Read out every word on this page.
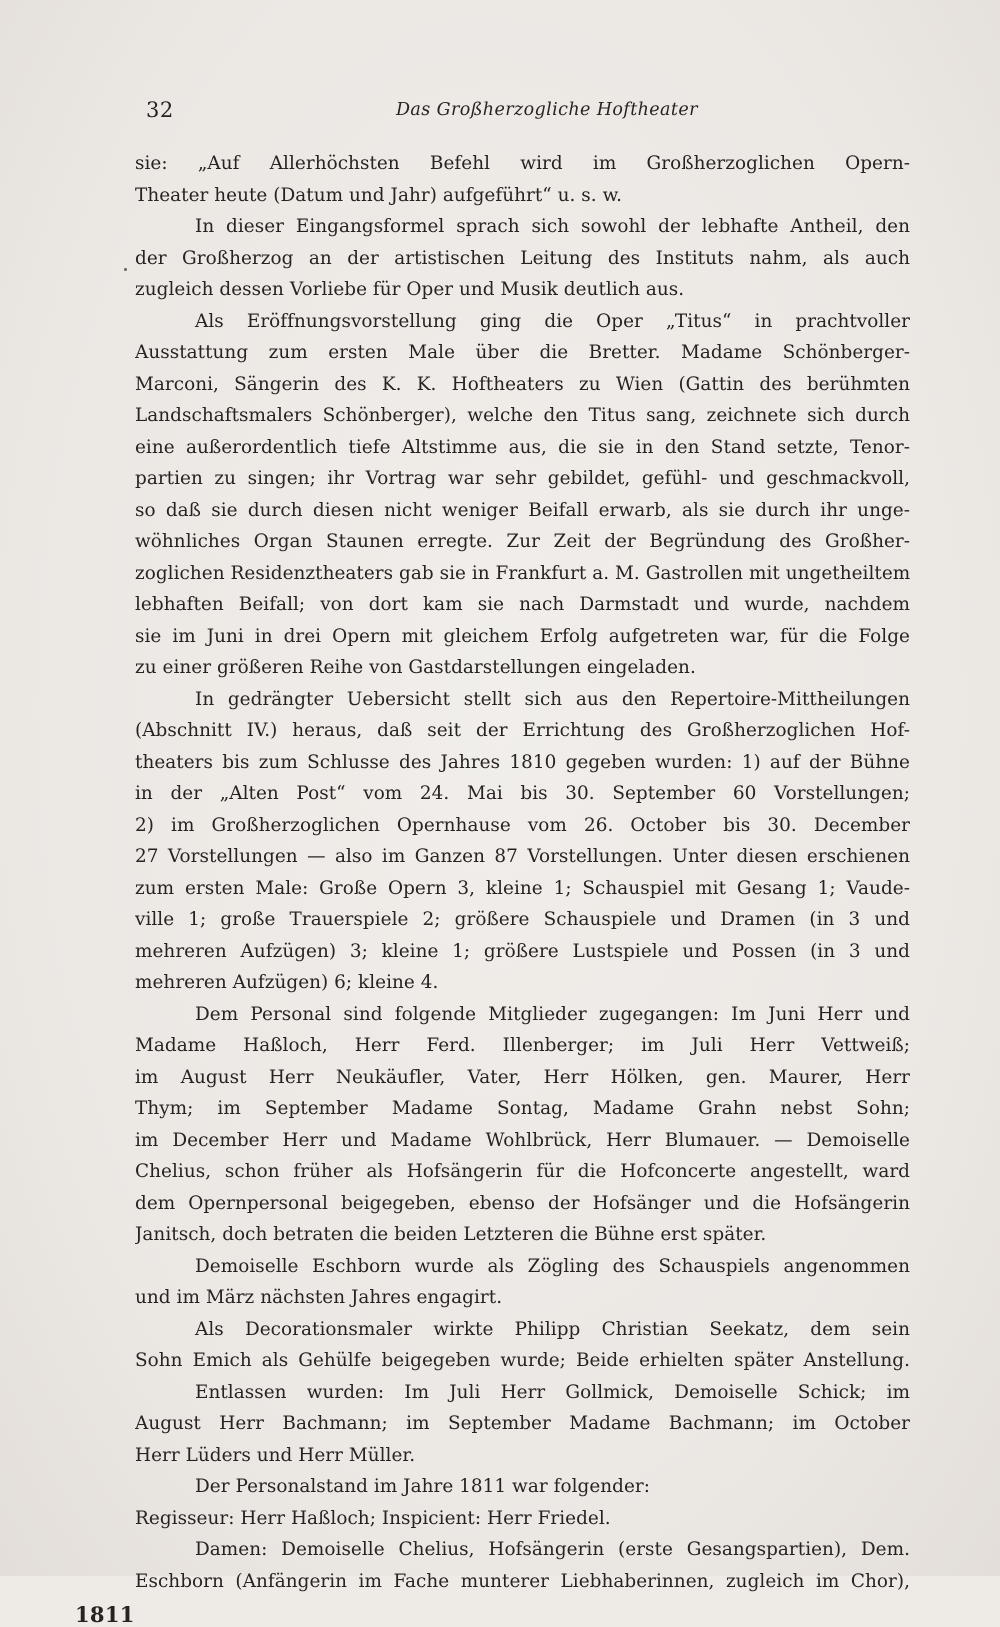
32	Das Großherzogliche Hoftheater
sie: „Auf Allerhöchsten Befehl wird im Großherzoglichen Opern-
Theater heute (Datum und Jahr) aufgeführt“ u. s. w.
In dieser Eingangsformel sprach sich sowohl der lebhafte Antheil, den
der Großherzog an der artistischen Leitung des Instituts nahm, als auch
zugleich dessen Vorliebe für Oper und Musik deutlich aus.
Als Eröffnungsvorstellung ging die Oper „Titus“ in prachtvoller
Ausstattung zum ersten Male über die Bretter. Madame Schönberger-
Marconi, Sängerin des K. K. Hoftheaters zu Wien (Gattin des berühmten
Landschaftsmalers Schönberger), welche den Titus sang, zeichnete sich durch
eine außerordentlich tiefe Altstimme aus, die sie in den Stand setzte, Tenor-
partien zu singen; ihr Vortrag war sehr gebildet, gefühl- und geschmackvoll,
so daß sie durch diesen nicht weniger Beifall erwarb, als sie durch ihr unge-
wöhnliches Organ Staunen erregte. Zur Zeit der Begründung des Großher-
zoglichen Residenztheaters gab sie in Frankfurt a. M. Gastrollen mit ungetheiltem
lebhaften Beifall; von dort kam sie nach Darmstadt und wurde, nachdem
sie im Juni in drei Opern mit gleichem Erfolg aufgetreten war, für die Folge
zu einer größeren Reihe von Gastdarstellungen eingeladen.
In gedrängter Uebersicht stellt sich aus den Repertoire-Mittheilungen
(Abschnitt IV.) heraus, daß seit der Errichtung des Großherzoglichen Hof-
theaters bis zum Schlusse des Jahres 1810 gegeben wurden: 1) auf der Bühne
in der „Alten Post“ vom 24. Mai bis 30. September 60 Vorstellungen;
2) im Großherzoglichen Opernhause vom 26. October bis 30. December
27 Vorstellungen — also im Ganzen 87 Vorstellungen. Unter diesen erschienen
zum ersten Male: Große Opern 3, kleine 1; Schauspiel mit Gesang 1; Vaude-
ville 1; große Trauerspiele 2; größere Schauspiele und Dramen (in 3 und
mehreren Aufzügen) 3; kleine 1; größere Lustspiele und Possen (in 3 und
mehreren Aufzügen) 6; kleine 4.
Dem Personal sind folgende Mitglieder zugegangen: Im Juni Herr und
Madame Haßloch, Herr Ferd. Illenberger; im Juli Herr Vettweiß;
im August Herr Neukäufler, Vater, Herr Hölken, gen. Maurer, Herr
Thym; im September Madame Sontag, Madame Grahn nebst Sohn;
im December Herr und Madame Wohlbrück, Herr Blumauer. — Demoiselle
Chelius, schon früher als Hofsängerin für die Hofconcerte angestellt, ward
dem Opernpersonal beigegeben, ebenso der Hofsänger und die Hofsängerin
Janitsch, doch betraten die beiden Letzteren die Bühne erst später.
Demoiselle Eschborn wurde als Zögling des Schauspiels angenommen
und im März nächsten Jahres engagirt.
Als Decorationsmaler wirkte Philipp Christian Seekatz, dem sein
Sohn Emich als Gehülfe beigegeben wurde; Beide erhielten später Anstellung.
Entlassen wurden: Im Juli Herr Gollmick, Demoiselle Schick; im
August Herr Bachmann; im September Madame Bachmann; im October
Herr Lüders und Herr Müller.
Der Personalstand im Jahre 1811 war folgender:
Regisseur: Herr Haßloch; Inspicient: Herr Friedel.
Damen: Demoiselle Chelius, Hofsängerin (erste Gesangspartien), Dem.
Eschborn (Anfängerin im Fache munterer Liebhaberinnen, zugleich im Chor),
1811
